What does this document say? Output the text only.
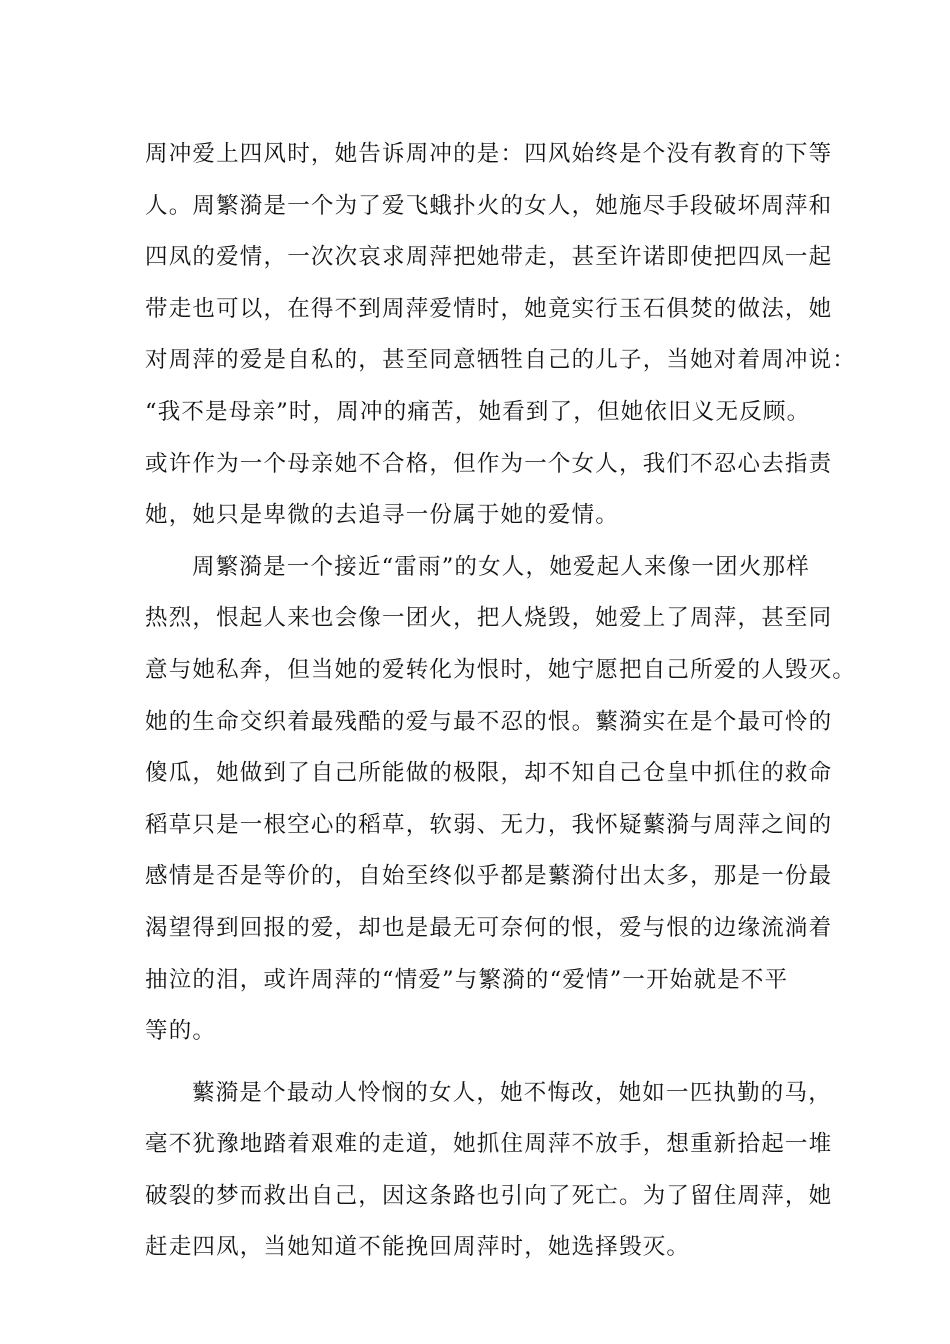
周冲爱上四风时，她告诉周冲的是：四风始终是个没有教育的下等
人。周繁漪是一个为了爱飞蛾扑火的女人，她施尽手段破坏周萍和
四凤的爱情，一次次哀求周萍把她带走，甚至许诺即使把四凤一起
带走也可以，在得不到周萍爱情时，她竟实行玉石俱焚的做法，她
对周萍的爱是自私的，甚至同意牺牲自己的儿子，当她对着周冲说：
“我不是母亲”时，周冲的痛苦，她看到了，但她依旧义无反顾。
或许作为一个母亲她不合格，但作为一个女人，我们不忍心去指责
她，她只是卑微的去追寻一份属于她的爱情。
周繁漪是一个接近“雷雨”的女人，她爱起人来像一团火那样
热烈，恨起人来也会像一团火，把人烧毁，她爱上了周萍，甚至同
意与她私奔，但当她的爱转化为恨时，她宁愿把自己所爱的人毁灭。
她的生命交织着最残酷的爱与最不忍的恨。蘩漪实在是个最可怜的
傻瓜，她做到了自己所能做的极限，却不知自己仓皇中抓住的救命
稻草只是一根空心的稻草，软弱、无力，我怀疑蘩漪与周萍之间的
感情是否是等价的，自始至终似乎都是蘩漪付出太多，那是一份最
渴望得到回报的爱，却也是最无可奈何的恨，爱与恨的边缘流淌着
抽泣的泪，或许周萍的“情爱”与繁漪的“爱情”一开始就是不平
等的。
蘩漪是个最动人怜悯的女人，她不悔改，她如一匹执勤的马，
毫不犹豫地踏着艰难的走道，她抓住周萍不放手，想重新拾起一堆
破裂的梦而救出自己，因这条路也引向了死亡。为了留住周萍，她
赶走四凤，当她知道不能挽回周萍时，她选择毁灭。
